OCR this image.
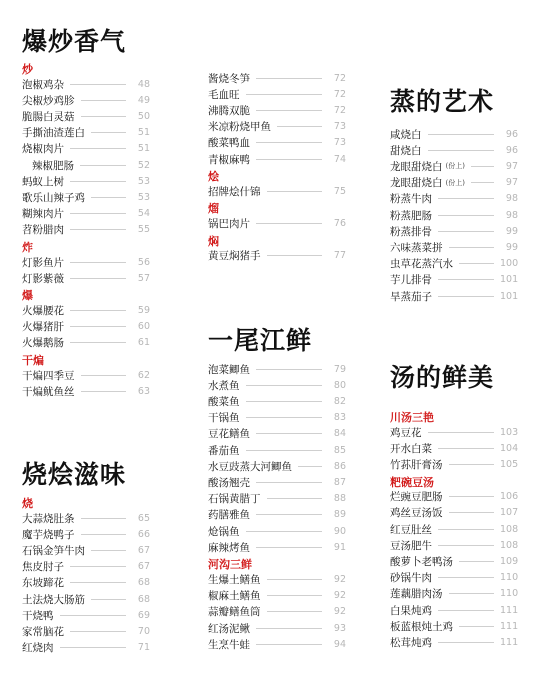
爆炒香气
炒
烧烩滋味
一尾江鲜
蒸的艺术
汤的鲜美
泡椒鸡杂	48
尖椒炒鸡胗	49
脆腸白灵菇	50
手撕油渣莲白	51
烧椒肉片	51
辣椒肥肠	52
蚂蚁上树	53
歌乐山辣子鸡	53
糊辣肉片	54
苕粉腊肉	55
炸
灯影鱼片	56
灯影紫薇	57
爆
火爆腰花	59
火爆猪肝	60
火爆鹅肠	61
干煸
干煸四季豆	62
干煸鱿鱼丝	63
烧
大蒜烧肚条	65
魔芋烧鸭子	66
石锅金笋牛肉	67
焦皮肘子	67
东坡蹄花	68
土法烧大肠筋	68
干烧鸭	69
家常脑花	70
红烧肉	71
酱烧冬笋	72
毛血旺	72
沸腾双脆	72
米凉粉烧甲鱼	73
酸菜鸭血	73
青椒麻鸭	74
烩
招牌烩什锦	75
熘
锅巴肉片	76
焖
黄豆焖猪手	77
泡菜鲫鱼	79
水煮鱼	80
酸菜鱼	82
干锅鱼	83
豆花鳝鱼	84
番茄鱼	85
水豆豉蒸大河鲫鱼	86
酸汤翘壳	87
石锅黄腊丁	88
药膳雅鱼	89
炝锅鱼	90
麻辣烤鱼	91
河沟三鲜
生爆土鳝鱼	92
椒麻土鳝鱼	92
蒜瓣鳝鱼筒	92
红汤泥鳅	93
生烹牛蛙	94
咸烧白	96
甜烧白	96
龙眼甜烧白 (份上)	97
龙眼甜烧白 (份上)	97
粉蒸牛肉	98
粉蒸肥肠	98
粉蒸排骨	99
六味蒸菜拼	99
虫草花蒸汽水	100
芋儿排骨	101
旱蒸茄子	101
川汤三艳
鸡豆花	103
开水白菜	104
竹荪肝膏汤	105
粑碗豆汤
烂豌豆肥肠	106
鸡丝豆汤饭	107
红豆肚丝	108
豆汤肥牛	108
酸萝卜老鸭汤	109
砂锅牛肉	110
莲藕腊肉汤	110
白果炖鸡	111
板蓝根炖土鸡	111
松茸炖鸡	111
